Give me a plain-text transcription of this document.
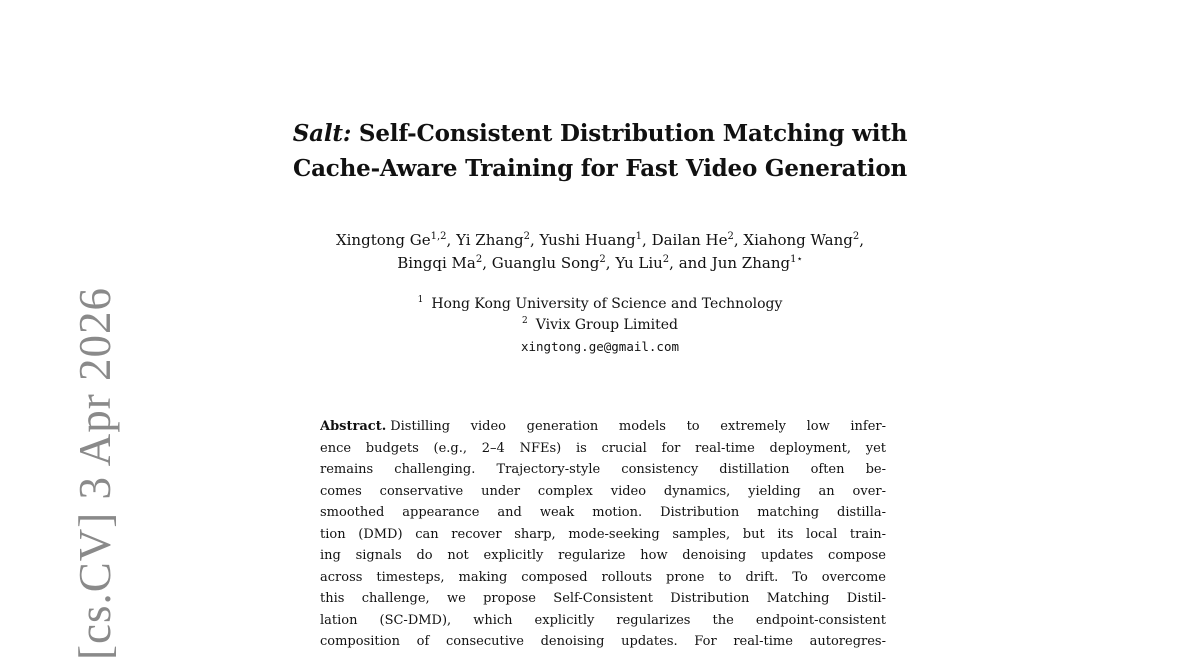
[cs.CV] 3 Apr 2026
Salt: Self-Consistent Distribution Matching with
Cache-Aware Training for Fast Video Generation
Xingtong Ge$^{1,2}$, Yi Zhang$^2$, Yushi Huang$^1$, Dailan He$^2$, Xiahong Wang$^2$,
Bingqi Ma$^2$, Guanglu Song$^2$, Yu Liu$^2$, and Jun Zhang$^{1⋆}$
$^1$ Hong Kong University of Science and Technology
$^2$ Vivix Group Limited
xingtong.ge@gmail.com
Abstract. Distilling video generation models to extremely low infer-
ence budgets (e.g., 2–4 NFEs) is crucial for real-time deployment, yet
remains challenging. Trajectory-style consistency distillation often be-
comes conservative under complex video dynamics, yielding an over-
smoothed appearance and weak motion. Distribution matching distilla-
tion (DMD) can recover sharp, mode-seeking samples, but its local train-
ing signals do not explicitly regularize how denoising updates compose
across timesteps, making composed rollouts prone to drift. To overcome
this challenge, we propose Self-Consistent Distribution Matching Distil-
lation (SC-DMD), which explicitly regularizes the endpoint-consistent
composition of consecutive denoising updates. For real-time autoregres-
